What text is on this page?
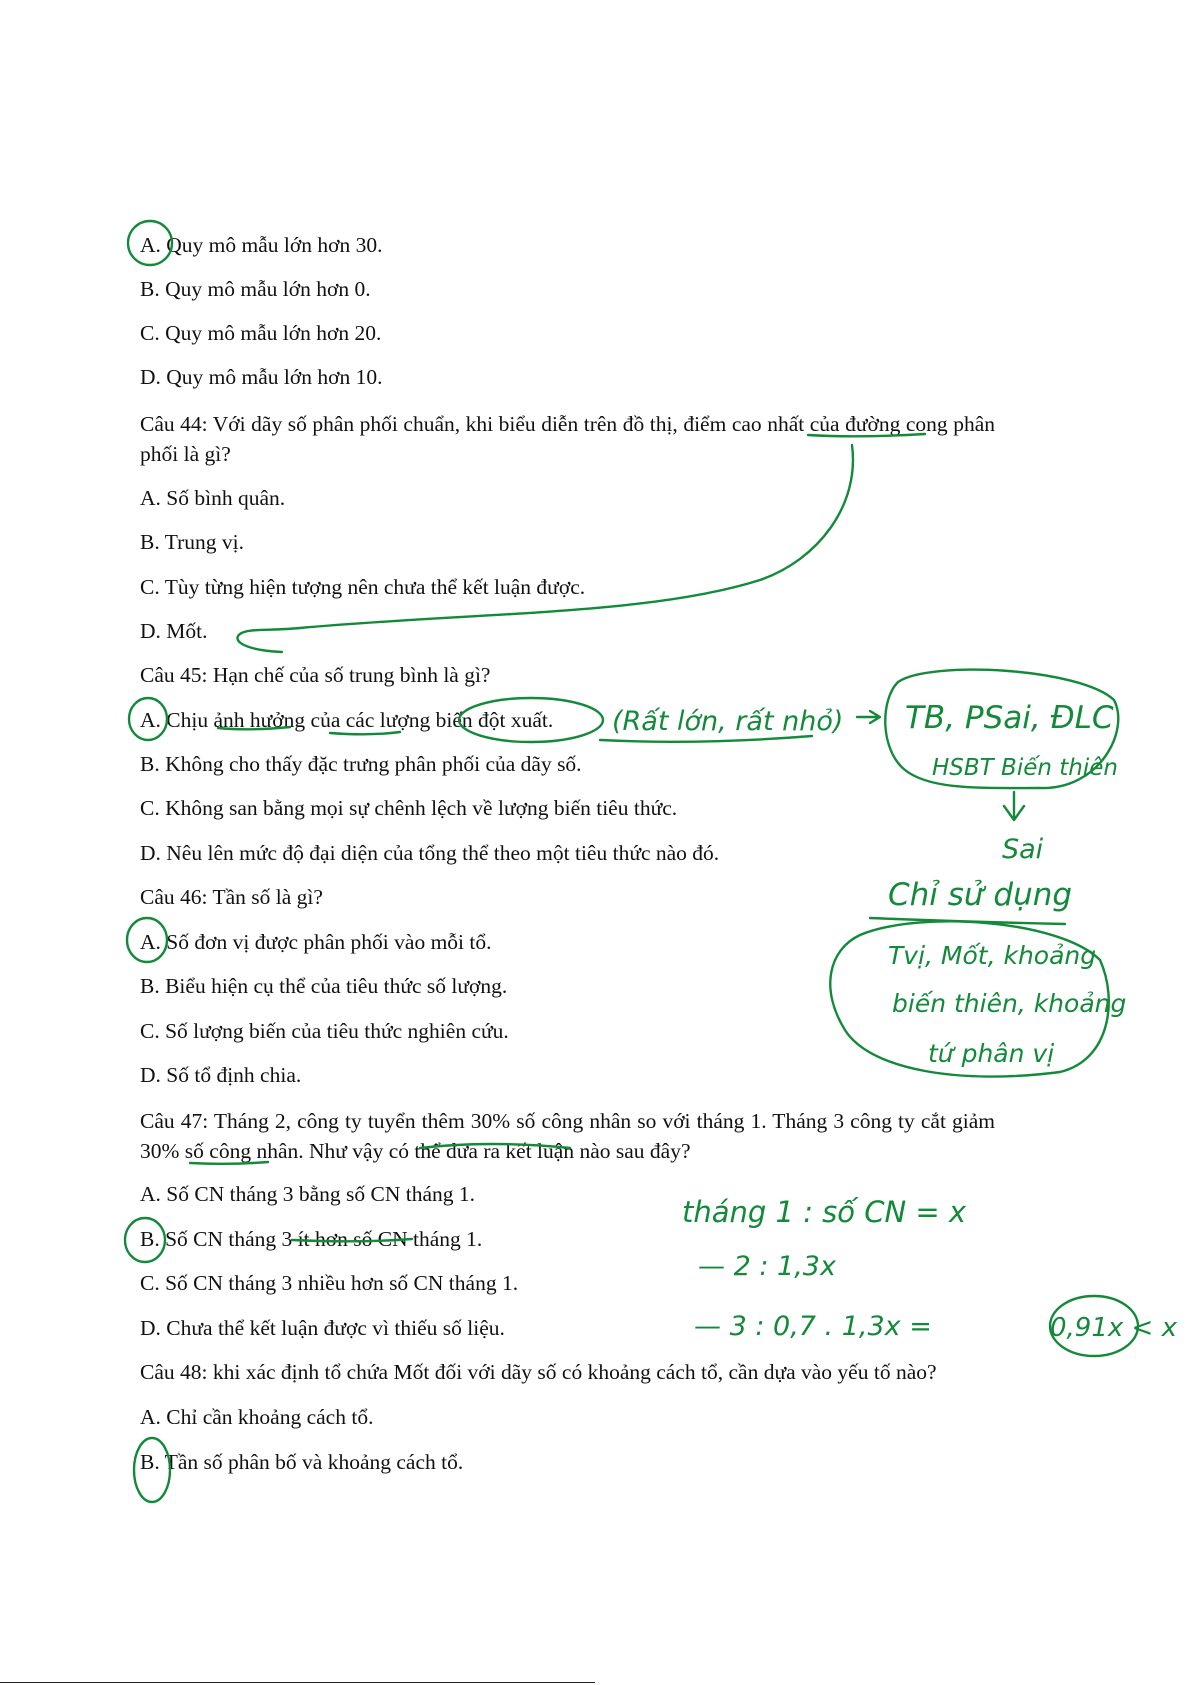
A. Quy mô mẫu lớn hơn 30.
B. Quy mô mẫu lớn hơn 0.
C. Quy mô mẫu lớn hơn 20.
D. Quy mô mẫu lớn hơn 10.
Câu 44: Với dãy số phân phối chuẩn, khi biểu diễn trên đồ thị, điểm cao nhất của đường cong phân phối là gì?
A. Số bình quân.
B. Trung vị.
C. Tùy từng hiện tượng nên chưa thể kết luận được.
D. Mốt.
Câu 45: Hạn chế của số trung bình là gì?
A. Chịu ảnh hưởng của các lượng biến đột xuất.
B. Không cho thấy đặc trưng phân phối của dãy số.
C. Không san bằng mọi sự chênh lệch về lượng biến tiêu thức.
D. Nêu lên mức độ đại diện của tổng thể theo một tiêu thức nào đó.
Câu 46: Tần số là gì?
A. Số đơn vị được phân phối vào mỗi tổ.
B. Biểu hiện cụ thể của tiêu thức số lượng.
C. Số lượng biến của tiêu thức nghiên cứu.
D. Số tổ định chia.
Câu 47: Tháng 2, công ty tuyển thêm 30% số công nhân so với tháng 1. Tháng 3 công ty cắt giảm 30% số công nhân. Như vậy có thể đưa ra kết luận nào sau đây?
A. Số CN tháng 3 bằng số CN tháng 1.
B. Số CN tháng 3 ít hơn số CN tháng 1.
C. Số CN tháng 3 nhiều hơn số CN tháng 1.
D. Chưa thể kết luận được vì thiếu số liệu.
Câu 48: khi xác định tổ chứa Mốt đối với dãy số có khoảng cách tổ, cần dựa vào yếu tố nào?
A. Chỉ cần khoảng cách tổ.
B. Tần số phân bố và khoảng cách tổ.
(Rất lớn, rất nhỏ) TB, PSai, ĐLC
HSBT Biến thiên
Sai
Chỉ sử dụng
Tvị, Mốt, khoảng
biến thiên, khoảng
tứ phân vị
tháng 1 : số CN = x
— 2 : 1,3x
— 3 : 0,7 . 1,3x =	0,91x < x
